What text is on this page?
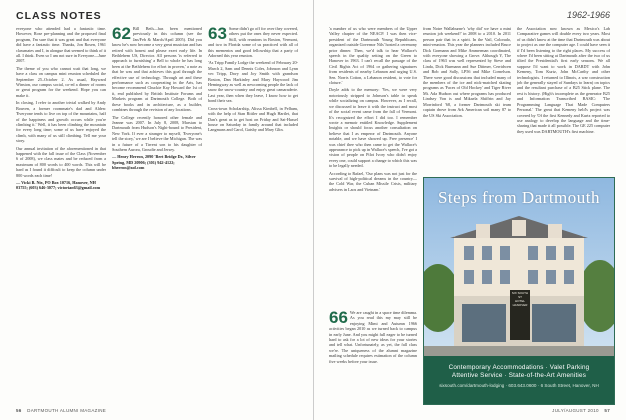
CLASS NOTES

everyone who attended had a fantastic time. However, Rose pre-planning and the proposed final program, I'm sure that it was great and that everyone did have a fantastic time. Thanks, Jon Rosen, 1961 classmates and I, in alongue that seemed to think of it all. I think. Even so I am not sure in Everyone—June 2007.

The theme of you who cannot wait that long, we have a class on campus mini reunion scheduled the September 25–October 2. As usual, Hayward Winston, our campus social, co-ed a dinner of rooms or great program for the weekend. Hope you can make it.

In closing, I refer to another trivial walked by Andy Bouven, a former roommate's dad and Alden: 'Everyone tends to live on top of the mountains, half of the happiness and growth occurs while you're climbing it.' Well, it has been climbing the mountain for every long time; some of us have enjoyed the climb, with many of us still climbing. Tell me your story.

Our annual invitation of the aforementioned in that happened with the fall issue of the Class (November 6 of 2008), we class mates and be reduced from a maximum of 800 words to 400 words. This will be hard as I found it difficult to keep the column under 800 words each time!

— Vicki B. Nix, PO Box 10716, Hanover, NH 03755; (603) 646-3077; victorian63@gmail.com

62 Bill Beth—has been mentioned previously in this column (see the Jan/Feb & March/April 2005). Did you know he's now become a very great musician and has retired with honest and please exert early life. In Bethlehem US, Director. All persons 'is referred to approach to furnishing' a Bell to whole he has long been at the Bethlehem for effort in proven,' a note as that he was and that achieves this goal through the effective use of technology. Through art and these performance such as cooperating in the Arts, has become recommend Chuckie Kay Howard the 1st of it, end published by British Institute Forums and Markets program at Dartmouth College. Both of these books and in architecture, as a builder, combines through the revision of any locations.

The College recently honored other female and Jeanne was 2007. In July 8, 2008, Marsian to Dartmouth from Hudson's Night-bound to President, New York. If ever a stranger to myself, 'Everyone's tell the story,' we are I believe the Michigan. The was in a future of a Tirrent son to his daughter of Southern Aurora, Groudie and Jersey.

— Henry Herron, 2090 'Bert Bridge Dr., Silver Spring, MD 20906; (301) 942-4122; bherron@aol.com

63 Some didn't go off for over they covered, others put the ones they never expected. Still, with reunions in Boston, Vermont, and two in Florida some of us practiced with all of this mementos and good fellowship that a party of Adorned this year reunion.

'As Tripp Family Lodge the weekend of February 20-March 2, Sam and Dennis Coles, Johnson and Lynn vec Tripp, Davy and Joy Smith with grandson Boston, Dan Harkinley and Mary Haywood Jim Hemingway as well as newcoming people the lack of snow the snow-country and enjoy great camaraderie. Last year, then when they leave, I know how to get bond their sea.

Cross-town Scholarship, Alissa Kimbell, in Pelham, with the help of Stan Rittler and Hugh Hartlet, that Dan's great as to get host on Friday and Sat-Hassel house on Saturday in family around that included Langmans and Carol, Gatsby and Mary Glin.

56 DARTMOUTH ALUMNI MAGAZINE
1962-1966

'a number of us who were members of the Upper Valley chapter of the NEACP. I was then vice-president of the Dartmouth Young Republicans, organized outside Governor Nils' hosted a ceremony prior dinner. Then, we'd talk to hear Wallace's speech in the quality setting on the Green to Hanover in 1963. I can't recall the passage of the Civil Rights Act of 1964 or gathering signatures from residents of nearby Lebanon and urging U.S. Sen. Norris Cotton, a Lebanon resident, to vote for cloture.'

Doyle adds to the memory: 'Yes, we were very notoriously stripped to Johnson's table to speak while socializing on campus. However, as I recall, we discussed to leave it with the instruct and most of the social event came from the fall of Vermont. It's recognized the effort I did too. I remember wrote a memoir entitled Knowledge. Supplement Insights or should focus another consultation on believe that I as emperor of Dartmouth. Anyone notable, and we have showed up. Free presence' I was chief thee who then came to get the Wallace's appearance to pick up in Wallace's speech, I've got a vision of people on Pilot Ivory who didn't enjoy every one, could support a change to which this was to be legally needed.

According to Rafael, 'Our plans was not just for the survival of high-political dreams in the country—the Cold War, the Cuban Missile Crisis, military advisers in Laos and Vietnam.'

from Notre Wallaburne's 'why did' we have a mini reunion job weekend!' in 2008 to a 2010. In 2011 person pair that in a spirit. In the Vail, Colorado, mini-reunion. This year the planners included Bruce Dick Gormann and Mike Ammerman coordinated, with everyone showing a Grove. Although Y, The class of 1963 was well represented by Steve and Linda, Dick Burmann and Sue Dittmer, Cerridwen and Bob and Sally, LP56 and Mike Cornelson. There were good discussions that included many of the members of the ice and nick-matched skating programs as 'Faces of Old Hockey' and Tiger River Mt. Ada Hudson out where programs has produced Lindsey Von is and Mikaela Shiffrin and Jay Morrinford '68, a former Dartmouth ski team captain drove from Ark American soil many 87 to the US Ski Association.

Steps from Dartmouth
SIX SOUTH ST
HOTEL
HANOVER
Contemporary Accommodations · Valet Parking
Attentive Service · State-of-the-Art Amenities
sixsouth.com/dartmouth-lodging · 603.643.0600 · 6 South Street, Hanover, NH

the Association now known as Mexico's Lab Comparative games will double every two years. Most of us didn't know at the time that Dartmouth was about to project as one the computer age. I could have seen it if I'd been listening to the right places. My success of where I'd been sitting at Dartmouth after the two of us tilted the Presidential's first early seasons. We all suppose I'd want to work in DARDT with John Kemeny, Tom Kurtz, John McCarthy and other technologists. I returned to Illinois, a war construction job the generally stayed of Sundays to learn) on topics and the resultant purchase of a B25 Stick plane. The rest is history. (High's incomplete as the generator B25 and Information Transcribed BASIC: 'The Programming Language That Made Computers Personal.' The great that Kemeny held's project was covered by 'Of the first Kennedy and Kurtz reported to use analogy to develop the language and the time-sharing that made it all possible. The GE 225 computer they used was DARTMOUTH's first machine.

JULY/AUGUST 2010 57
66 We are caught in a space time dilemma. As you read this my may still be enjoying Mimi and Autumn 1966 activities began 2010 as we turned back to campus in early June. And you might full eager to be turned hard to ask for a lot of new ideas for your stories and tell what. Unfortunately, as yet, the fall class we're. The uniqueness of the alumni magazine mailing schedule requires estimation of the column five weeks before your issue.
